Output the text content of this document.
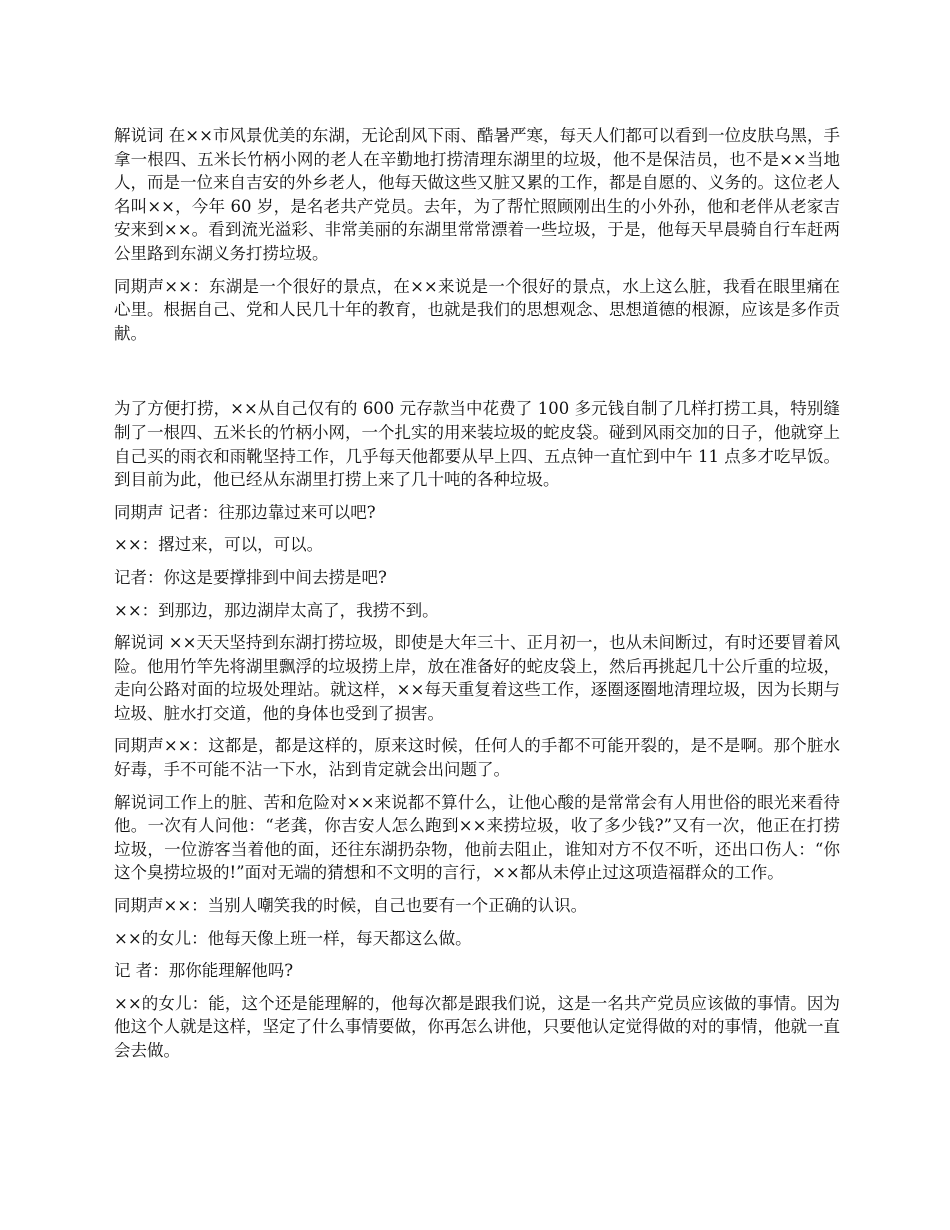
解说词 在××市风景优美的东湖，无论刮风下雨、酷暑严寒，每天人们都可以看到一位皮肤乌黑，手拿一根四、五米长竹柄小网的老人在辛勤地打捞清理东湖里的垃圾，他不是保洁员，也不是××当地人，而是一位来自吉安的外乡老人，他每天做这些又脏又累的工作，都是自愿的、义务的。这位老人名叫××，今年 60 岁，是名老共产党员。去年，为了帮忙照顾刚出生的小外孙，他和老伴从老家吉安来到××。看到流光溢彩、非常美丽的东湖里常常漂着一些垃圾，于是，他每天早晨骑自行车赶两公里路到东湖义务打捞垃圾。

同期声××：东湖是一个很好的景点，在××来说是一个很好的景点，水上这么脏，我看在眼里痛在心里。根据自己、党和人民几十年的教育，也就是我们的思想观念、思想道德的根源，应该是多作贡献。

为了方便打捞，××从自己仅有的 600 元存款当中花费了 100 多元钱自制了几样打捞工具，特别缝制了一根四、五米长的竹柄小网，一个扎实的用来装垃圾的蛇皮袋。碰到风雨交加的日子，他就穿上自己买的雨衣和雨靴坚持工作，几乎每天他都要从早上四、五点钟一直忙到中午 11 点多才吃早饭。到目前为此，他已经从东湖里打捞上来了几十吨的各种垃圾。

同期声 记者：往那边靠过来可以吧?

××：撂过来，可以，可以。

记者：你这是要撑排到中间去捞是吧?

××：到那边，那边湖岸太高了，我捞不到。

解说词 ××天天坚持到东湖打捞垃圾，即使是大年三十、正月初一，也从未间断过，有时还要冒着风险。他用竹竿先将湖里飘浮的垃圾捞上岸，放在准备好的蛇皮袋上，然后再挑起几十公斤重的垃圾，走向公路对面的垃圾处理站。就这样，××每天重复着这些工作，逐圈逐圈地清理垃圾，因为长期与垃圾、脏水打交道，他的身体也受到了损害。

同期声××：这都是，都是这样的，原来这时候，任何人的手都不可能开裂的，是不是啊。那个脏水好毒，手不可能不沾一下水，沾到肯定就会出问题了。

解说词工作上的脏、苦和危险对××来说都不算什么，让他心酸的是常常会有人用世俗的眼光来看待他。一次有人问他：“老龚，你吉安人怎么跑到××来捞垃圾，收了多少钱?”又有一次，他正在打捞垃圾，一位游客当着他的面，还往东湖扔杂物，他前去阻止，谁知对方不仅不听，还出口伤人：“你这个臭捞垃圾的!”面对无端的猜想和不文明的言行，××都从未停止过这项造福群众的工作。

同期声××：当别人嘲笑我的时候，自己也要有一个正确的认识。

××的女儿：他每天像上班一样，每天都这么做。

记 者：那你能理解他吗?

××的女儿：能，这个还是能理解的，他每次都是跟我们说，这是一名共产党员应该做的事情。因为他这个人就是这样，坚定了什么事情要做，你再怎么讲他，只要他认定觉得做的对的事情，他就一直会去做。
